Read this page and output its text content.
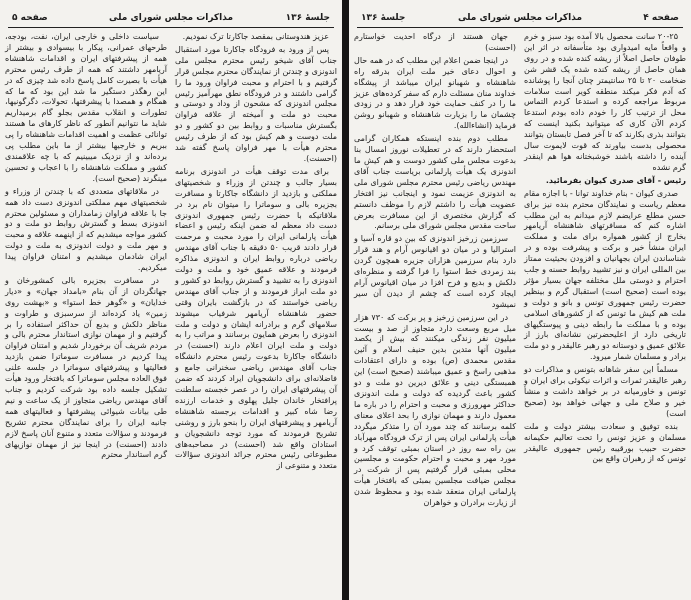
جلسهٔ ۱۳۶
مذاکرات مجلس شورای ملی
صفحه ۵

عزیز هندوستانی بمقصد جاکارتا ترک نمودیم.

پس از ورود به فرودگاه جاکارتا مورد استقبال جناب آقای شیخو رئیس محترم مجلس ملی اندونزی و چندتن از نمایندگان محترم مجلس قرار گرفتیم و با احترام و محبت فراوان ورود ما را گرامی داشتند و در فرودگاه نطق مهرآمیز رئیس مجلس اندونزی که مشحون از وداد و دوستی و محبت دو ملت و آمیخته از علاقه فراوان بگسترش مناسبات و روابط بین دو کشور و دو ملت دوست و هم کیش بود که از طرف رئیس محترم هیأت با مهر فراوان پاسخ گفته شد (احسنت).

برای مدت توقف هیأت در اندونزی برنامه بسیار جالب و چندتن از وزراء و شخصیتهای مملکتی و بازدید از دانشگاه جاکارتا و مسافرت بجزیره بالی و سوماترا را میتوان نام برد در ملاقاتیکه با حضرت رئیس جمهوری اندونزی دست داد معظم له ضمن اینکه رئیس و اعضاء هیأت پارلمانی ایران را مورد محبت و مرحمت قرار دادند قریب ۵۰ دقیقه با جناب آقای مهندس ریاضی درباره روابط ایران و اندونزی مذاکره فرمودند و علاقه عمیق خود و ملت و دولت اندونزی را به تشیید و گسترش روابط دو کشور و دو ملت ابراز فرمودند و از جناب آقای مهندس ریاضی خواستند که در بازگشت بایران وقتی حضور شاهنشاه آریامهر شرفیاب میشوند سلامهای گرم و برادرانه ایشان و دولت و ملت اندونزی را بعرض همایون برسانند و مراتب را به دولت و ملت ایران اعلام دارند (احسنت) در دانشگاه جاکارتا بدعوت رئیس محترم دانشگاه جناب آقای مهندس ریاضی سخنرانی جامع و فاضلانه‌ای برای دانشجویان ایراد کردند که ضمن آن پیشرفتهای ایران را در عصر خجسته سلطنت پرافتخار خاندان جلیل پهلوی و خدمات ارزنده رضا شاه کبیر و اقدامات برجسته شاهنشاه آریامهر و پیشرفتهای ایران را بنحو بارز و روشنی تشریح فرمودند که مورد توجه دانشجویان و استادان واقع شد (احسنت) در مصاحبه‌های مطبوعاتی رئیس محترم جرائد اندونزی سؤالات متعدد و متنوعی از

سیاست داخلی و خارجی ایران، نفت، بودجه، طرحهای عمرانی، پیکار با بیسوادی و بیشتر از همه از پیشرفتهای ایران و اقدامات شاهنشاه آریامهر داشتند که همه از طرف رئیس محترم هیأت با بصیرت کامل پاسخ داده شد چیزی که در این رهگذر دستگیر ما شد این بود که ما که همگام و همصدا با پیشرفتها، تحولات، دگرگونیها، تطورات و انقلاب مقدس بجلو گام برمیداریم شاید ما نتوانیم آنطور که ناظر کارهای ما هستند توانائی عظمت و اهمیت اقدامات شاهنشاه را پی ببریم و خارجیها بیشتر از ما باین مطلب پی برده‌اند و از نزدیک میبینیم که با چه علاقمندی کشور و مملکت شاهنشاه را با اعجاب و تحسین مینگرند (صحیح است).

در ملاقاتهای متعددی که با چندتن از وزراء و شخصیتهای مهم مملکتی اندونزی دست داد همه جا با علاقه فراوان زمامداران و مسئولین محترم اندونزی بسط و گسترش روابط دو ملت و دو کشور مواجه میشدیم که از اینهمه علاقه و محبت و مهر ملت و دولت اندونزی به ملت و دولت ایران شادمان میشدیم و امتنان فراوان پیدا میکردیم.

در مسافرت بجزیره بالی کمشورخان و جهانگردان از آن بنام «بامداد جهان» و «دیار خدایان» و «گوهر خط استوا» و «بهشت روی زمین» یاد کرده‌اند از سرسبزی و طراوت و مناظر دلکش و بدیع آن حداکثر استفاده را بر گرفتیم و از مهمان نوازی استاندار محترم بالی و مردم شریف آن برخوردار شدیم و امتنان فراوان پیدا کردیم در مسافرت سوماترا ضمن بازدید فعالیتها و پیشرفتهای سوماترا در جلسه علنی فوق العاده مجلس سوماترا که بافتخار ورود هیأت تشکیل جلسه داده بود شرکت کردیم و جناب آقای مهندس ریاضی متجاوز از یک ساعت و نیم طی بیانات شیوائی پیشرفتها و فعالیتهای همه جانبه ایران را برای نمایندگان محترم تشریح فرمودند و سؤالات متعدد و متنوع آنان پاسخ لازم دادند (احسنت) در اینجا نیز از مهمان نوازیهای گرم استاندار محترم

صفحه ۴
مذاکرات مجلس شورای ملی
جلسهٔ ۱۳۶

۲۰-۲۵ سانت محصول بالا آمده بود سبز و خرم و واقعاً مایه امیدواری بود متأسفانه در اثر این طوفان حاصل اصلاً از ریشه کنده شده و در روی همان حاصل از ریشه کنده شده یک قشر شن ضخامت ۲۰ تا ۲۵ سانتیمتر چنان آنجا را پوشانده که آدم فکر میکند منطقه کویر است سلامات مربوط مراجعه کرده و استدعا کردم التماس محل از ترتیب کار را خودم داده بودم استدعا کردم الآن کاری که میتوانید بکنید اینست که بتوانند بذری بکارند که تا آخر فصل تابستان بتوانند محصولی بدست بیاورند که قوت لایموت سال آینده را داشته باشند خوشبختانه هوا هم اینقدر گرم نشده

رئیس - آقای صدری کیوان بفرمائید.

صدری کیوان - بنام خداوند توانا - با اجازه مقام معظم ریاست و نمایندگان محترم بنده نیز برای حسن مطلع عرایضم لازم میدانم به این مطلب اشاره کنم که مسافرتهای شاهنشاه آریامهر بخارج از کشور همواره برای ملت و مملکت ایران منشأ خیر و برکت و پیشرفت بوده و در شناساندن ایران بجهانیان و افزودن بحیثیت ممتاز بین المللی ایران و نیز تشیید روابط حسنه و جلب احترام و دوستی ملل مختلفه جهان بسیار مؤثر بوده است (صحیح است) استقبال گرم و بینظیر حضرت رئیس جمهوری تونس و بانو و دولت و ملت هم کیش ما تونس که از کشورهای اسلامی بوده و با مملکت ما رابطه دینی و پیوستگیهای تاریخی دارد از اعلیحضرتین نشانه‌ای بارز از علائق عمیق و دوستانه دو رهبر عالیقدر و دو ملت برادر و مسلمان شمار میرود.

مسلماً این سفر شاهانه بتونس و مذاکرات دو رهبر عالیقدر ثمرات و اثرات نیکوئی برای ایران و تونس و خاورمیانه در بر خواهد داشت و منشأ خیر و صلاح ملی و جهانی خواهد بود (صحیح است)

بنده توفیق و سعادت بیشتر دولت و ملت مسلمان و عزیز تونس را تحت تعالیم حکیمانه حضرت حبیب بورقیبه رئیس جمهوری عالیقدر تونس که از رهبران واقع بین

جهان هستند از درگاه احدیت خواستارم (احسنت)

در اینجا ضمن اعلام این مطلب که در همه حال و احوال دعای خیر ملت ایران بدرقه راه شاهنشاه و شهبانو ایران میباشد از پیشگاه خداوند منان مسئلت دارم که سفر کرده‌های عزیز ما را در کنف حمایت خود قرار دهد و در زودی چشمان ما را بزیارت شاهنشاه و شهبانو روشن فرماید (انشاءالله).

مطلب دوم بنده اینستکه همکاران گرامی استحضار دارند که در تعطیلات نوروز امسال بنا بدعوت مجلس ملی کشور دوست و هم کیش ما اندونزی یک هیأت پارلمانی بریاست جناب آقای مهندس ریاضی رئیس محترم مجلس شورای ملی به اندونزی عزیمت نمود و اینجانب نیز افتخار عضویت هیأت را داشتم لازم را موظف دانستم که گزارش مختصری از این مسافرت بعرض ساحت مقدس مجلس شورای ملی برسانم.

سرزمین زرخیز اندونزی که بین دو قاره آسیا و استرالیا و در میان دو اقیانوس آرام و هند قرار دارد بنام سرزمین هزاران جزیره همچون گردن بند زمردی خط استوا را فرا گرفته و منظره‌ای دلکش و بدیع و فرح افزا در میان اقیانوس آرام ایجاد کرده است که چشم از دیدن آن سیر نمیشود

در این سرزمین زرخیز و پر برکت که ۷۳۰ هزار میل مربع وسعت دارد متجاوز از صد و بیست میلیون نفر زندگی میکنند که بیش از یکصد میلیون آنها متدین بدین حنیف اسلام و آئین مقدس محمدی (ص) بوده و دارای اعتقادات مذهبی راسخ و عمیق میباشند (صحیح است) این همبستگی دینی و علائق دیرین دو ملت و دو کشور باعث گردیده که دولت و ملت اندونزی حداکثر مهرورزی و محبت و احترام را در باره ما معمول دارند و مهمان نوازی را بحد اعلای معنای کلمه برسانند که چند مورد آن را متذکر میگردد هیأت پارلمانی ایران پس از ترک فرودگاه مهرآباد بین راه سه روز در استان بمبئی توقف کرد و مورد مهر و محبت و احترام حکومت و مجلسین محلی بمبئی قرار گرفتیم پس از شرکت در مجلس ضیافت مجلسین بمبئی که بافتخار هیأت پارلمانی ایران منعقد شده بود و محظوظ شدن از زیارت برادران و خواهران
